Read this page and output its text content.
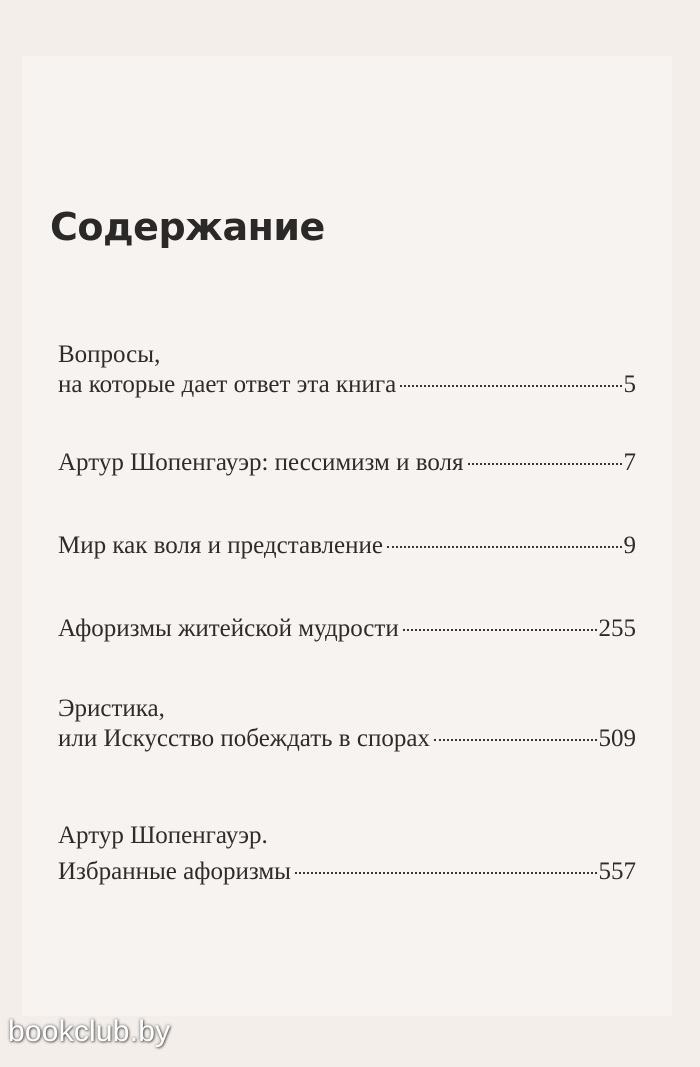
Содержание
Вопросы,
на которые дает ответ эта книга	5
Артур Шопенгауэр: пессимизм и воля	7
Мир как воля и представление	9
Афоризмы житейской мудрости	255
Эристика,
или Искусство побеждать в спорах	509
Артур Шопенгауэр.
Избранные афоризмы	557
bookclub.by
